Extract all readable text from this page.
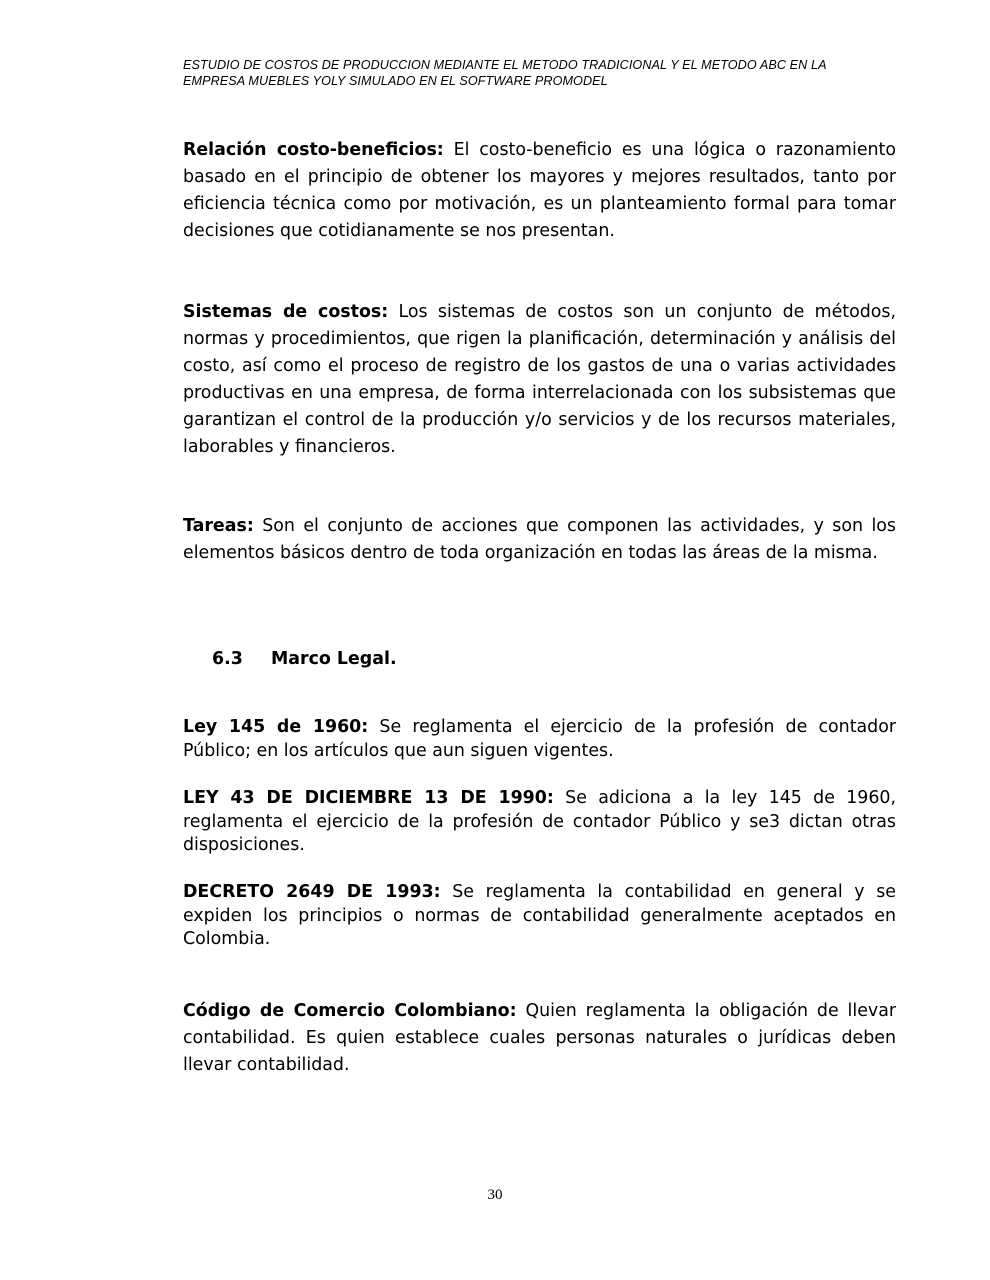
ESTUDIO DE COSTOS DE PRODUCCION MEDIANTE EL METODO TRADICIONAL Y EL METODO ABC EN LA
EMPRESA MUEBLES YOLY SIMULADO EN EL SOFTWARE PROMODEL

Relación costo-beneficios: El costo-beneficio es una lógica o razonamiento basado en el principio de obtener los mayores y mejores resultados, tanto por eficiencia técnica como por motivación, es un planteamiento formal para tomar decisiones que cotidianamente se nos presentan.

Sistemas de costos: Los sistemas de costos son un conjunto de métodos, normas y procedimientos, que rigen la planificación, determinación y análisis del costo, así como el proceso de registro de los gastos de una o varias actividades productivas en una empresa, de forma interrelacionada con los subsistemas que garantizan el control de la producción y/o servicios y de los recursos materiales, laborables y financieros.

Tareas: Son el conjunto de acciones que componen las actividades, y son los elementos básicos dentro de toda organización en todas las áreas de la misma.

6.3 Marco Legal.

Ley 145 de 1960: Se reglamenta el ejercicio de la profesión de contador Público; en los artículos que aun siguen vigentes.

LEY 43 DE DICIEMBRE 13 DE 1990: Se adiciona a la ley 145 de 1960, reglamenta el ejercicio de la profesión de contador Público y se3 dictan otras disposiciones.

DECRETO 2649 DE 1993: Se reglamenta la contabilidad en general y se expiden los principios o normas de contabilidad generalmente aceptados en Colombia.

Código de Comercio Colombiano: Quien reglamenta la obligación de llevar contabilidad. Es quien establece cuales personas naturales o jurídicas deben llevar contabilidad.

30
